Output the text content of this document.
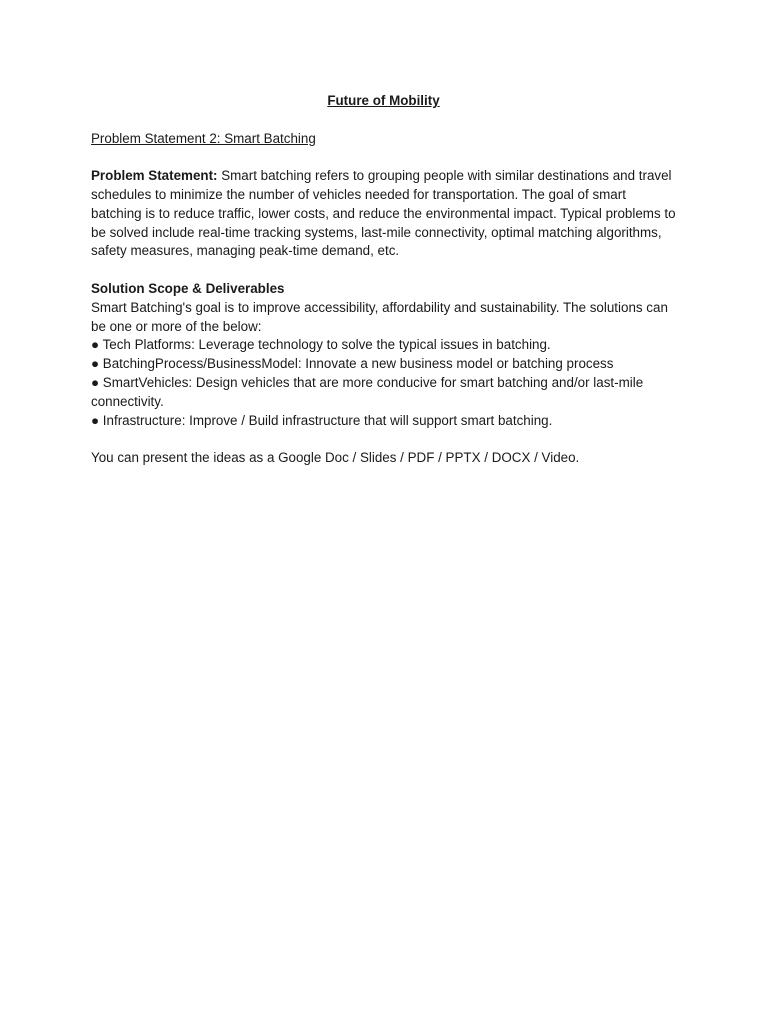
Future of Mobility

Problem Statement 2: Smart Batching

Problem Statement: Smart batching refers to grouping people with similar destinations and travel schedules to minimize the number of vehicles needed for transportation. The goal of smart batching is to reduce traffic, lower costs, and reduce the environmental impact. Typical problems to be solved include real-time tracking systems, last-mile connectivity, optimal matching algorithms, safety measures, managing peak-time demand, etc.

Solution Scope & Deliverables

Smart Batching's goal is to improve accessibility, affordability and sustainability. The solutions can be one or more of the below:

● Tech Platforms: Leverage technology to solve the typical issues in batching.
● BatchingProcess/BusinessModel: Innovate a new business model or batching process
● SmartVehicles: Design vehicles that are more conducive for smart batching and/or last-mile connectivity.
● Infrastructure: Improve / Build infrastructure that will support smart batching.

You can present the ideas as a Google Doc / Slides / PDF / PPTX / DOCX / Video.
